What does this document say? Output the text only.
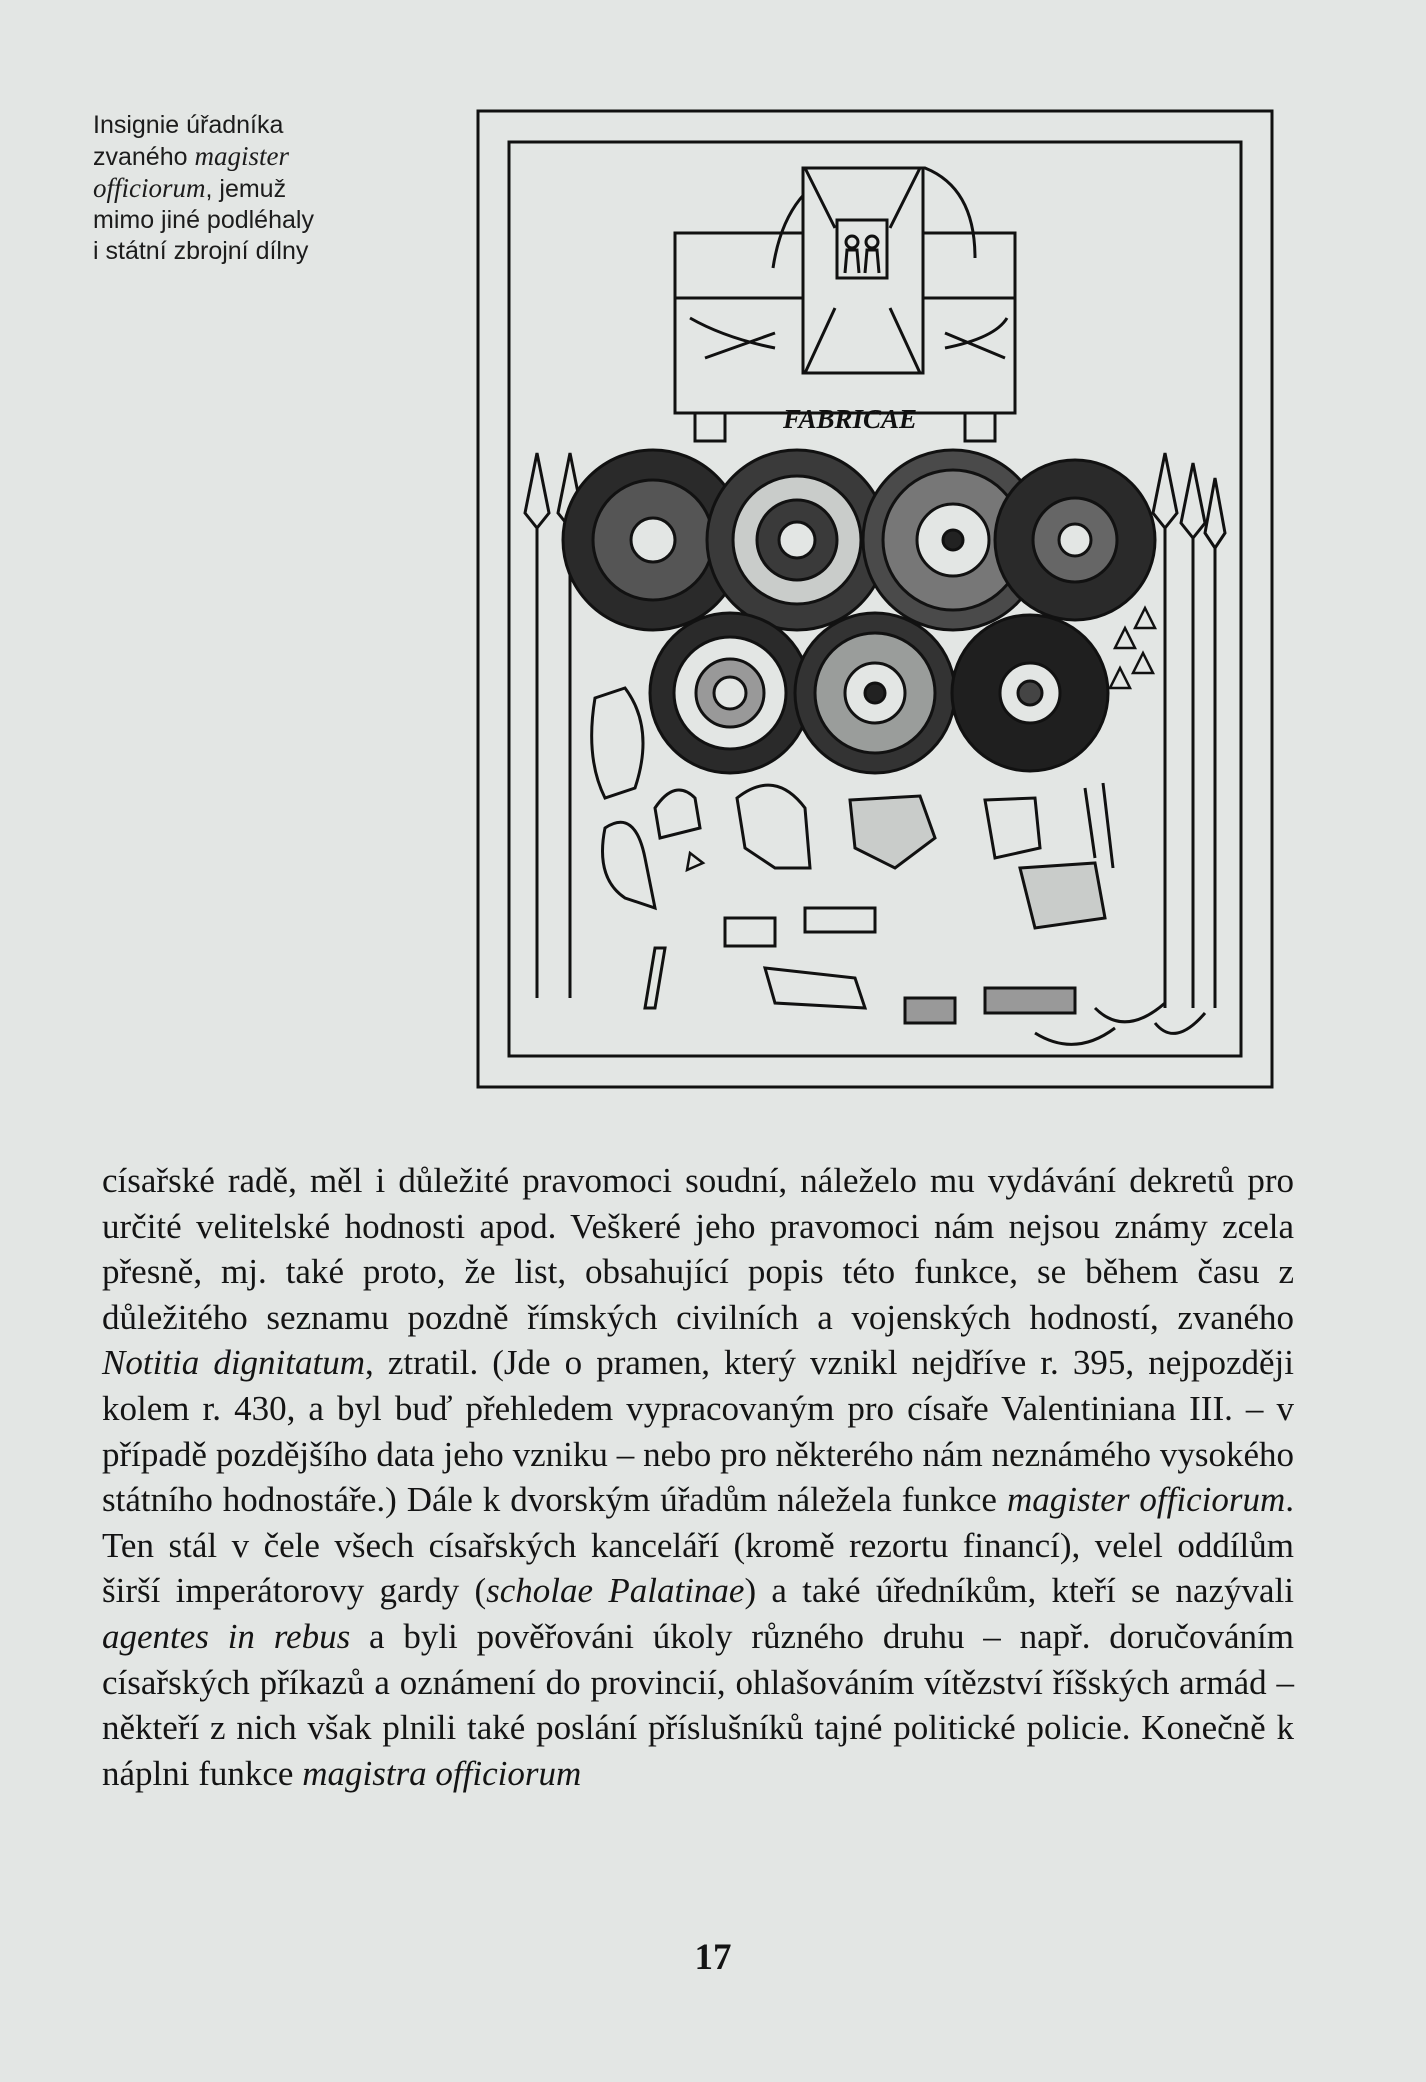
Insignie úřadníka
zvaného magister
officiorum, jemuž
mimo jiné podléhaly
i státní zbrojní dílny
FABRICAE

císařské radě, měl i důležité pravomoci soudní, náleželo mu vydávání dekretů pro určité velitelské hodnosti apod. Veškeré jeho pravomoci nám nejsou známy zcela přesně, mj. také proto, že list, obsahující popis této funkce, se během času z důležitého seznamu pozdně římských civilních a vojenských hodností, zvaného Notitia dignitatum, ztratil. (Jde o pramen, který vznikl nejdříve r. 395, nejpozději kolem r. 430, a byl buď přehledem vypracovaným pro císaře Valentiniana III. – v případě pozdějšího data jeho vzniku – nebo pro některého nám neznámého vysokého státního hodnostáře.) Dále k dvorským úřadům náležela funkce magister officiorum. Ten stál v čele všech císařských kanceláří (kromě rezortu financí), velel oddílům širší imperátorovy gardy (scholae Palatinae) a také úředníkům, kteří se nazývali agentes in rebus a byli pověřováni úkoly různého druhu – např. doručováním císařských příkazů a oznámení do provincií, ohlašováním vítězství říšských armád – někteří z nich však plnili také poslání příslušníků tajné politické policie. Konečně k náplni funkce magistra officiorum

17
